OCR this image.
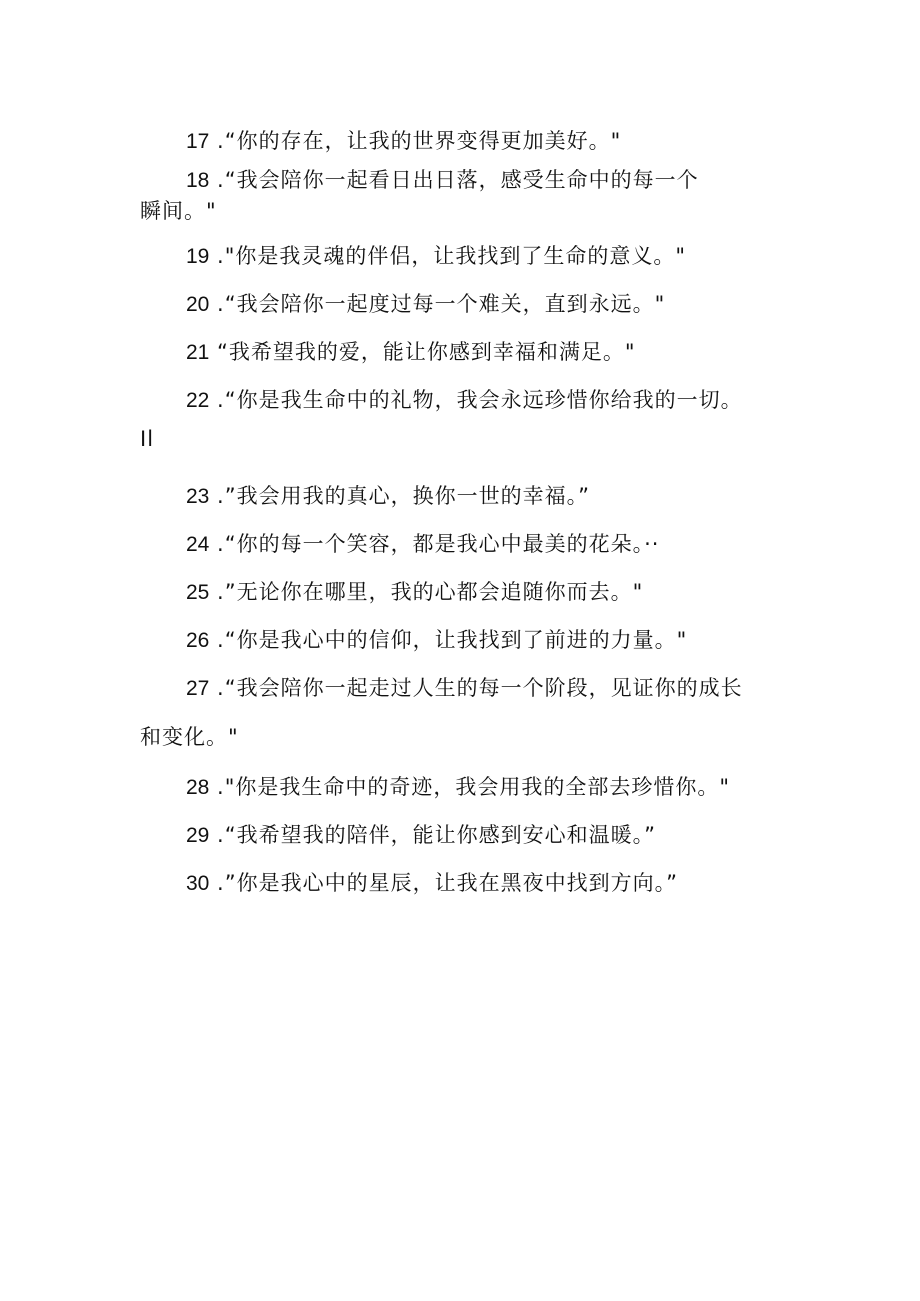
17 .“你的存在，让我的世界变得更加美好。"
18 .“我会陪你一起看日出日落，感受生命中的每一个
瞬间。"
19 ."你是我灵魂的伴侣，让我找到了生命的意义。"
20 .“我会陪你一起度过每一个难关，直到永远。"
21 “我希望我的爱，能让你感到幸福和满足。"
22 .“你是我生命中的礼物，我会永远珍惜你给我的一切。
Il
23 .”我会用我的真心，换你一世的幸福。”
24 .“你的每一个笑容，都是我心中最美的花朵。··
25 .”无论你在哪里，我的心都会追随你而去。"
26 .“你是我心中的信仰，让我找到了前进的力量。"
27 .“我会陪你一起走过人生的每一个阶段，见证你的成长
和变化。"
28 ."你是我生命中的奇迹，我会用我的全部去珍惜你。"
29 .“我希望我的陪伴，能让你感到安心和温暖。”
30 .”你是我心中的星辰，让我在黑夜中找到方向。”
